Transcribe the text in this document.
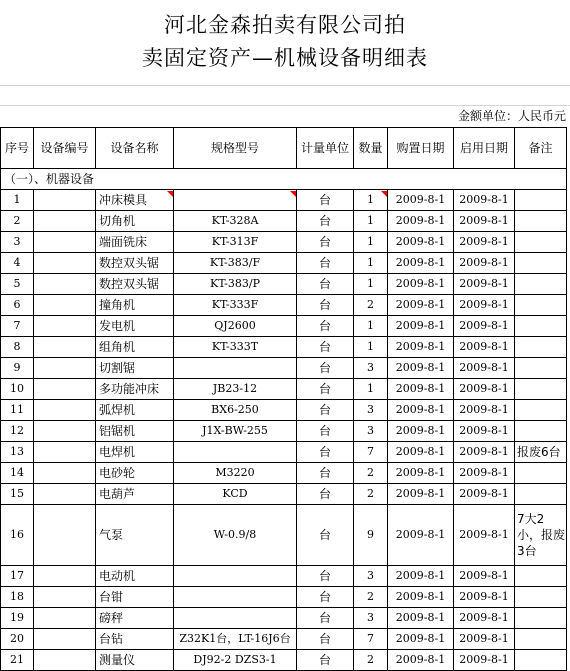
河北金森拍卖有限公司拍
卖固定资产—机械设备明细表
金额单位：人民币元
序号	设备编号	设备名称	规格型号	计量单位	数量	购置日期	启用日期	备注
（一）、机器设备								
1		冲床模具		台	1	2009-8-1	2009-8-1	
2		切角机	KT-328A	台	1	2009-8-1	2009-8-1	
3		端面铣床	KT-313F	台	1	2009-8-1	2009-8-1	
4		数控双头锯	KT-383/F	台	1	2009-8-1	2009-8-1	
5		数控双头锯	KT-383/P	台	1	2009-8-1	2009-8-1	
6		撞角机	KT-333F	台	2	2009-8-1	2009-8-1	
7		发电机	QJ2600	台	1	2009-8-1	2009-8-1	
8		组角机	KT-333T	台	1	2009-8-1	2009-8-1	
9		切割锯		台	3	2009-8-1	2009-8-1	
10		多功能冲床	JB23-12	台	1	2009-8-1	2009-8-1	
11		弧焊机	BX6-250	台	3	2009-8-1	2009-8-1	
12		铝锯机	J1X-BW-255	台	3	2009-8-1	2009-8-1	
13		电焊机		台	7	2009-8-1	2009-8-1	报废6台
14		电砂轮	M3220	台	2	2009-8-1	2009-8-1	
15		电葫芦	KCD	台	2	2009-8-1	2009-8-1	
16		气泵	W-0.9/8	台	9	2009-8-1	2009-8-1	7大2小，报废3台
17		电动机		台	3	2009-8-1	2009-8-1	
18		台钳		台	2	2009-8-1	2009-8-1	
19		磅秤		台	3	2009-8-1	2009-8-1	
20		台钻	Z32K1台，LT-16J6台	台	7	2009-8-1	2009-8-1	
21		测量仪	DJ92-2 DZS3-1	台	2	2009-8-1	2009-8-1	
